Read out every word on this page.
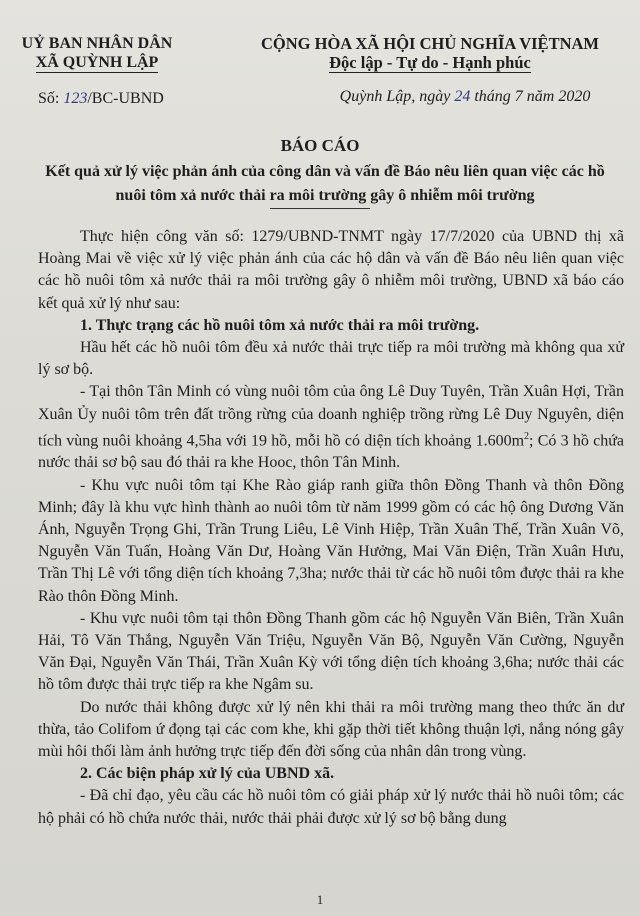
UỶ BAN NHÂN DÂN
XÃ QUỲNH LẬP
CỘNG HÒA XÃ HỘI CHỦ NGHĨA VIỆTNAM
Độc lập - Tự do - Hạnh phúc
Số: 123/BC-UBND	Quỳnh Lập, ngày 24 tháng 7 năm 2020
BÁO CÁO
Kết quả xử lý việc phản ánh của công dân và vấn đề Báo nêu liên quan việc các hồ nuôi tôm xả nước thải ra môi trường gây ô nhiễm môi trường

Thực hiện công văn số: 1279/UBND-TNMT ngày 17/7/2020 của UBND thị xã Hoàng Mai về việc xử lý việc phản ánh của các hộ dân và vấn đề Báo nêu liên quan việc các hồ nuôi tôm xả nước thải ra môi trường gây ô nhiễm môi trường, UBND xã báo cáo kết quả xử lý như sau:

1. Thực trạng các hồ nuôi tôm xả nước thải ra môi trường.

Hầu hết các hồ nuôi tôm đều xả nước thải trực tiếp ra môi trường mà không qua xử lý sơ bộ.

- Tại thôn Tân Minh có vùng nuôi tôm của ông Lê Duy Tuyên, Trần Xuân Hợi, Trần Xuân Ủy nuôi tôm trên đất trồng rừng của doanh nghiệp trồng rừng Lê Duy Nguyên, diện tích vùng nuôi khoảng 4,5ha với 19 hồ, mỗi hồ có diện tích khoảng $1.600m^2$; Có 3 hồ chứa nước thải sơ bộ sau đó thải ra khe Hooc, thôn Tân Minh.

- Khu vực nuôi tôm tại Khe Rào giáp ranh giữa thôn Đồng Thanh và thôn Đồng Minh; đây là khu vực hình thành ao nuôi tôm từ năm 1999 gồm có các hộ ông Dương Văn Ánh, Nguyễn Trọng Ghi, Trần Trung Liêu, Lê Vinh Hiệp, Trần Xuân Thế, Trần Xuân Võ, Nguyễn Văn Tuấn, Hoàng Văn Dư, Hoàng Văn Hưởng, Mai Văn Điện, Trần Xuân Hưu, Trần Thị Lê với tổng diện tích khoảng 7,3ha; nước thải từ các hồ nuôi tôm được thải ra khe Rào thôn Đồng Minh.

- Khu vực nuôi tôm tại thôn Đồng Thanh gồm các hộ Nguyễn Văn Biên, Trần Xuân Hải, Tô Văn Thắng, Nguyễn Văn Triệu, Nguyễn Văn Bộ, Nguyễn Văn Cường, Nguyễn Văn Đại, Nguyễn Văn Thái, Trần Xuân Kỳ với tổng diện tích khoảng 3,6ha; nước thải các hồ tôm được thải trực tiếp ra khe Ngâm su.

Do nước thải không được xử lý nên khi thải ra môi trường mang theo thức ăn dư thừa, tảo Colifom ứ đọng tại các com khe, khi gặp thời tiết không thuận lợi, nắng nóng gây mùi hôi thối làm ảnh hưởng trực tiếp đến đời sống của nhân dân trong vùng.

2. Các biện pháp xử lý của UBND xã.

- Đã chỉ đạo, yêu cầu các hồ nuôi tôm có giải pháp xử lý nước thải hồ nuôi tôm; các hộ phải có hồ chứa nước thải, nước thải phải được xử lý sơ bộ bằng dung

1
